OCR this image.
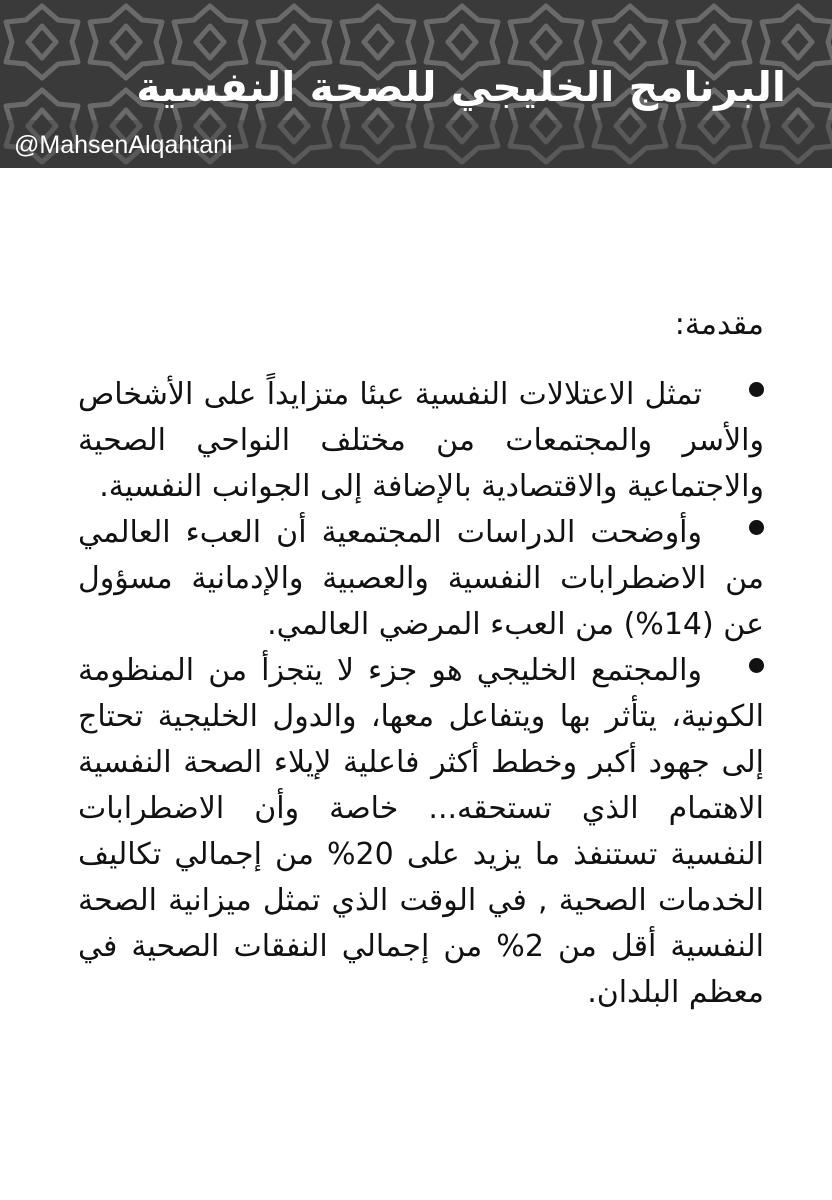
البرنامج الخليجي للصحة النفسية
@MahsenAlqahtani
مقدمة:
تمثل الاعتلالات النفسية عبئا متزايداً على الأشخاص والأسر والمجتمعات من مختلف النواحي الصحية والاجتماعية والاقتصادية بالإضافة إلى الجوانب النفسية.
وأوضحت الدراسات المجتمعية أن العبء العالمي من الاضطرابات النفسية والعصبية والإدمانية مسؤول عن (14%) من العبء المرضي العالمي.
والمجتمع الخليجي هو جزء لا يتجزأ من المنظومة الكونية، يتأثر بها ويتفاعل معها، والدول الخليجية تحتاج إلى جهود أكبر وخطط أكثر فاعلية لإيلاء الصحة النفسية الاهتمام الذي تستحقه... خاصة وأن الاضطرابات النفسية تستنفذ ما يزيد على 20% من إجمالي تكاليف الخدمات الصحية , في الوقت الذي تمثل ميزانية الصحة النفسية أقل من 2% من إجمالي النفقات الصحية في معظم البلدان.
